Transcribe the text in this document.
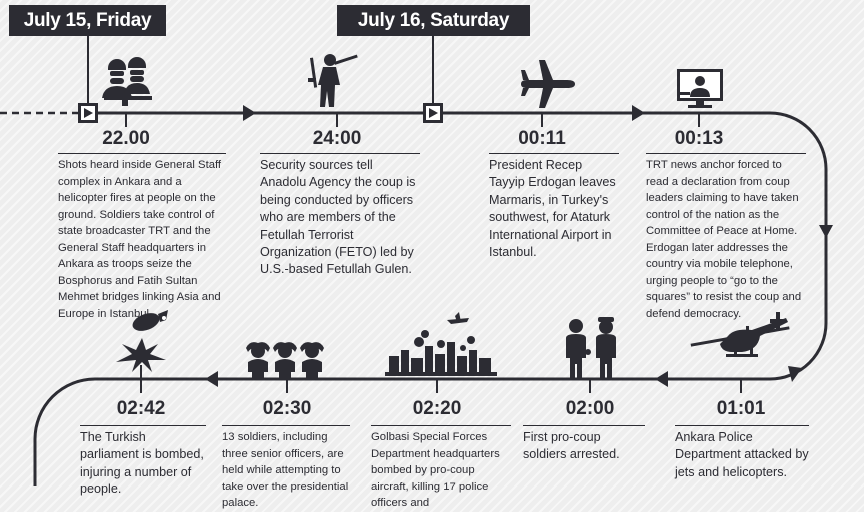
July 15, Friday	July 16, Saturday
22.00	24:00	00:11	00:13
01:01
02:00
02:20
02:30
02:42
Shots heard inside General Staff complex in Ankara and a helicopter fires at people on the ground. Soldiers take control of state broadcaster TRT and the General Staff headquarters in Ankara as troops seize the Bosphorus and Fatih Sultan Mehmet bridges linking Asia and Europe in Istanbul.
Security sources tell Anadolu Agency the coup is being conducted by officers who are members of the Fetullah Terrorist Organization (FETO) led by U.S.-based Fetullah Gulen.
President Recep Tayyip Erdogan leaves Marmaris, in Turkey's southwest, for Ataturk International Airport in Istanbul.
TRT news anchor forced to read a declaration from coup leaders claiming to have taken control of the nation as the Committee of Peace at Home. Erdogan later addresses the country via mobile telephone, urging people to “go to the squares” to resist the coup and defend democracy.
Ankara Police Department attacked by jets and helicopters.
First pro-coup soldiers arrested.
Golbasi Special Forces Department headquarters bombed by pro-coup aircraft, killing 17 police officers and
13 soldiers, including three senior officers, are held while attempting to take over the presidential palace.
The Turkish parliament is bombed, injuring a number of people.
